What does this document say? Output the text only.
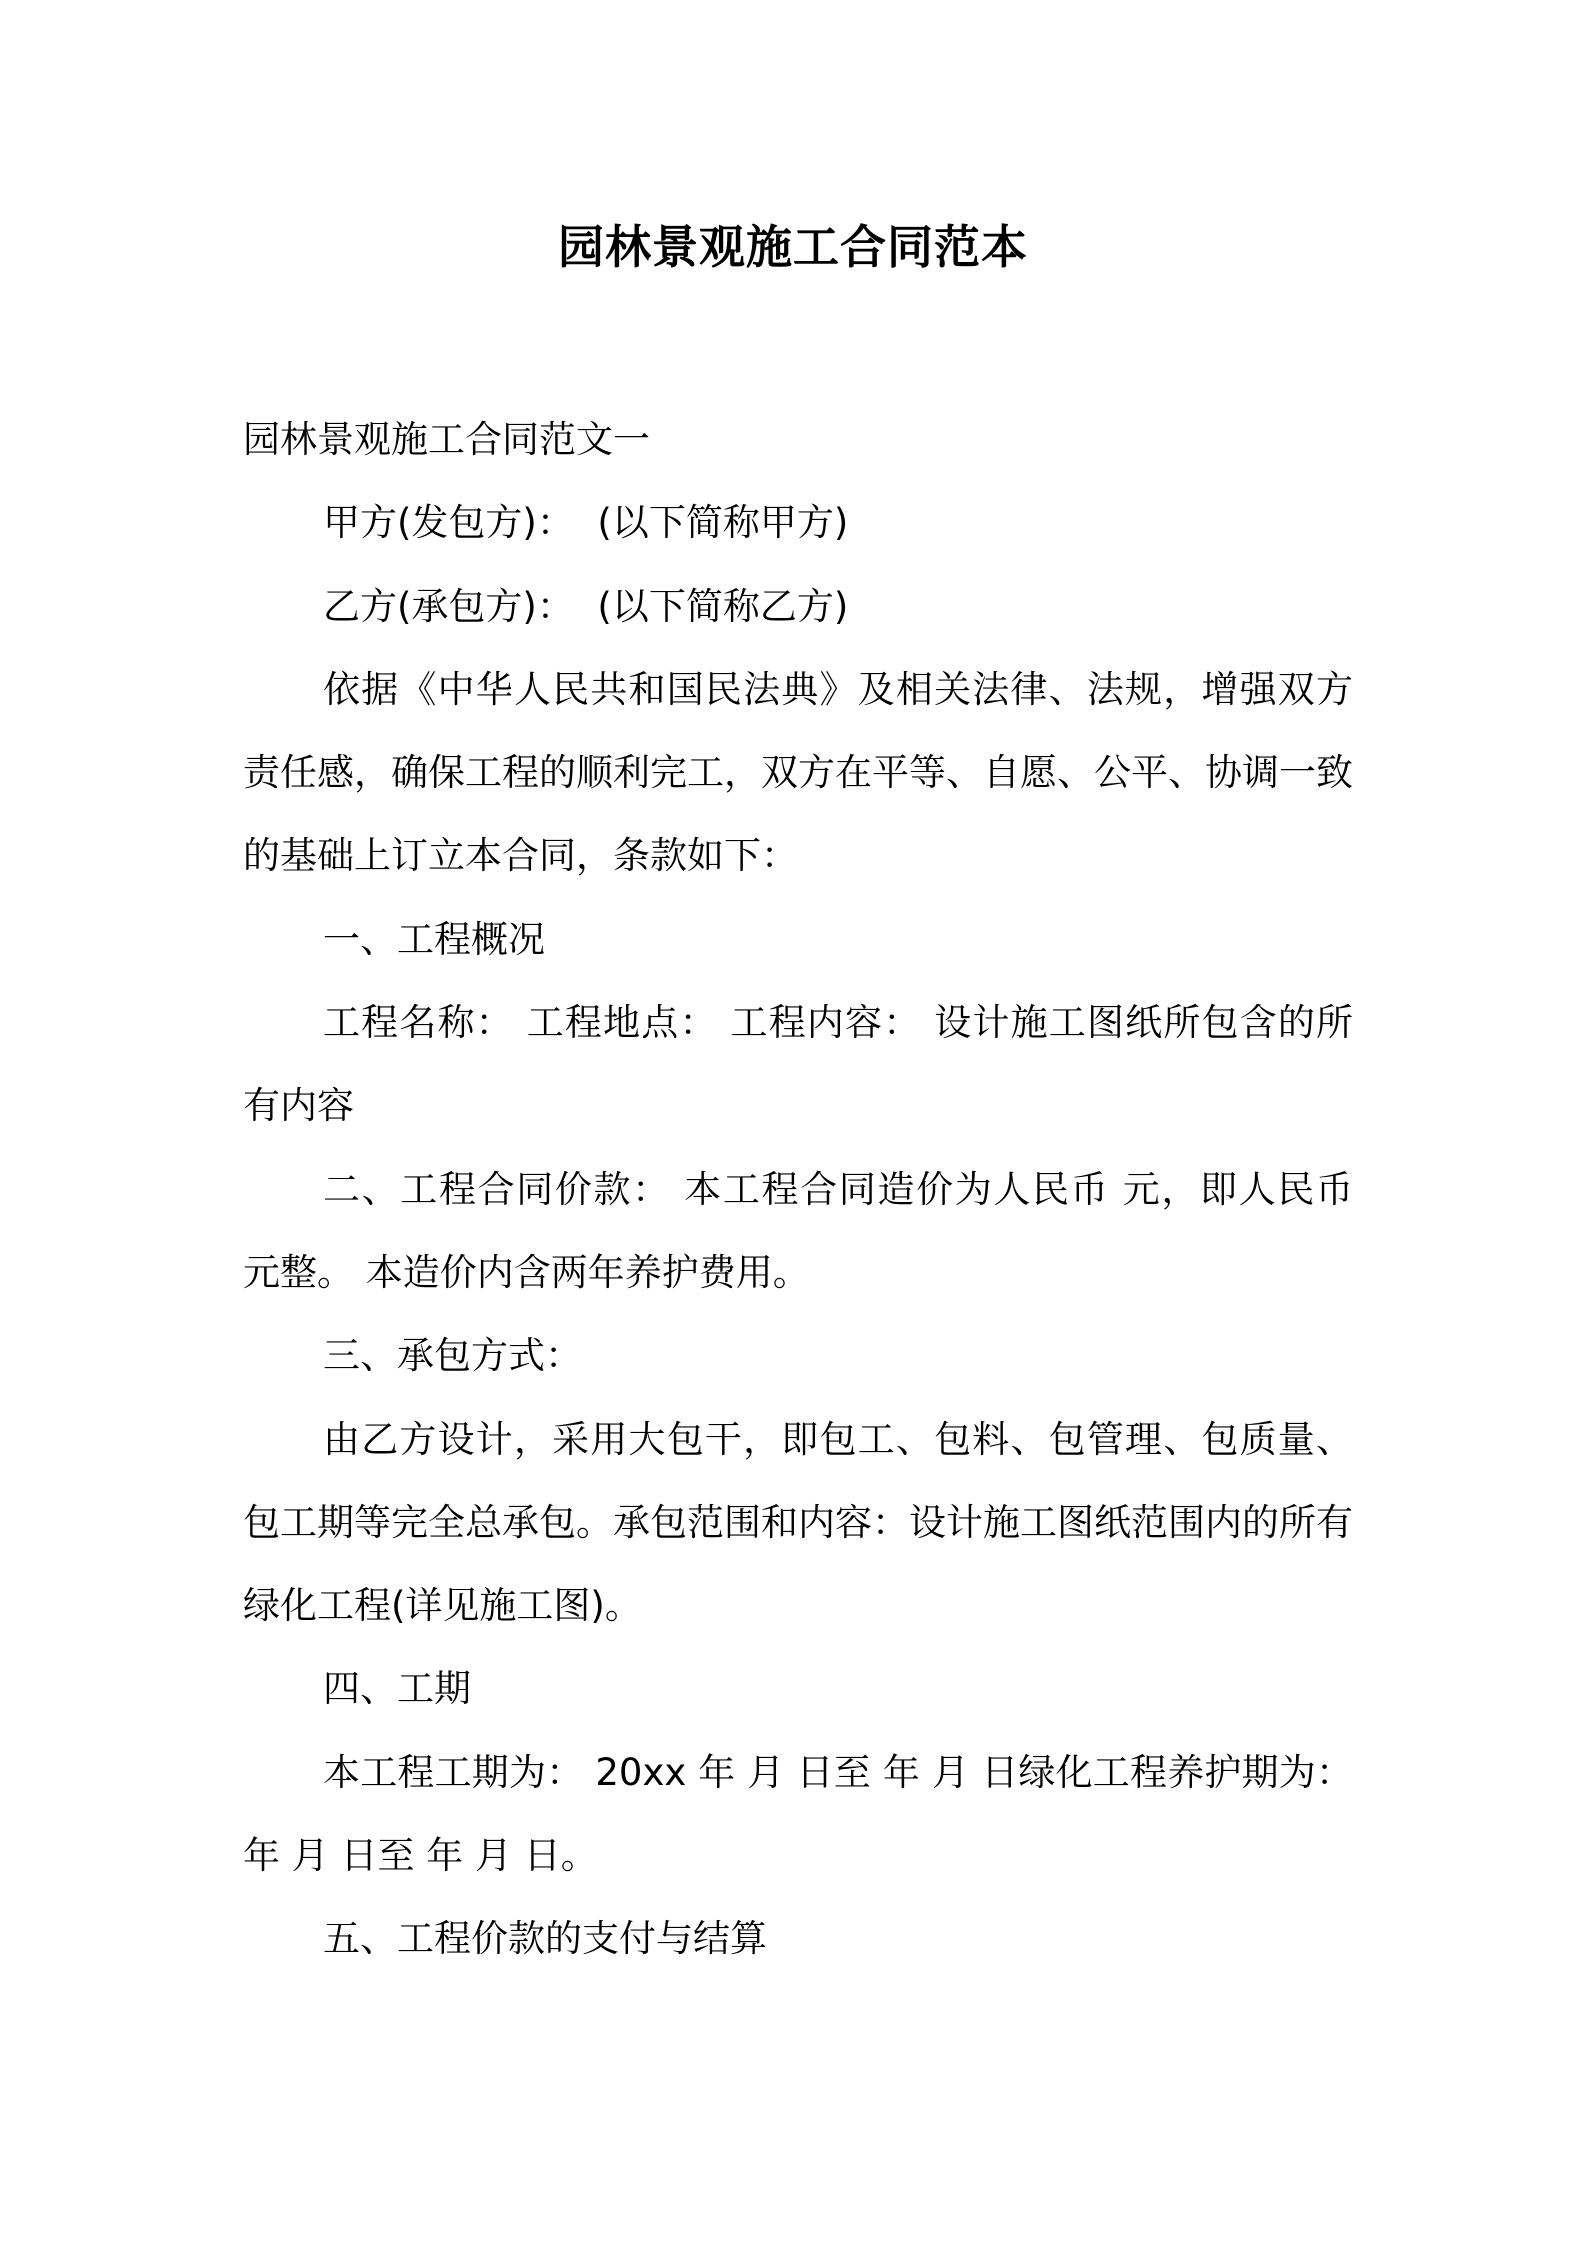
园林景观施工合同范本

园林景观施工合同范文一

甲方(发包方)：  (以下简称甲方)

乙方(承包方)：  (以下简称乙方)

依据《中华人民共和国民法典》及相关法律、法规，增强双方责任感，确保工程的顺利完工，双方在平等、自愿、公平、协调一致的基础上订立本合同，条款如下：

一、工程概况

工程名称： 工程地点： 工程内容： 设计施工图纸所包含的所有内容

二、工程合同价款： 本工程合同造价为人民币 元，即人民币 元整。 本造价内含两年养护费用。

三、承包方式：

由乙方设计，采用大包干，即包工、包料、包管理、包质量、包工期等完全总承包。承包范围和内容：设计施工图纸范围内的所有绿化工程(详见施工图)。

四、工期

本工程工期为： 20xx 年 月 日至 年 月 日绿化工程养护期为： 年 月 日至 年 月 日。

五、工程价款的支付与结算
